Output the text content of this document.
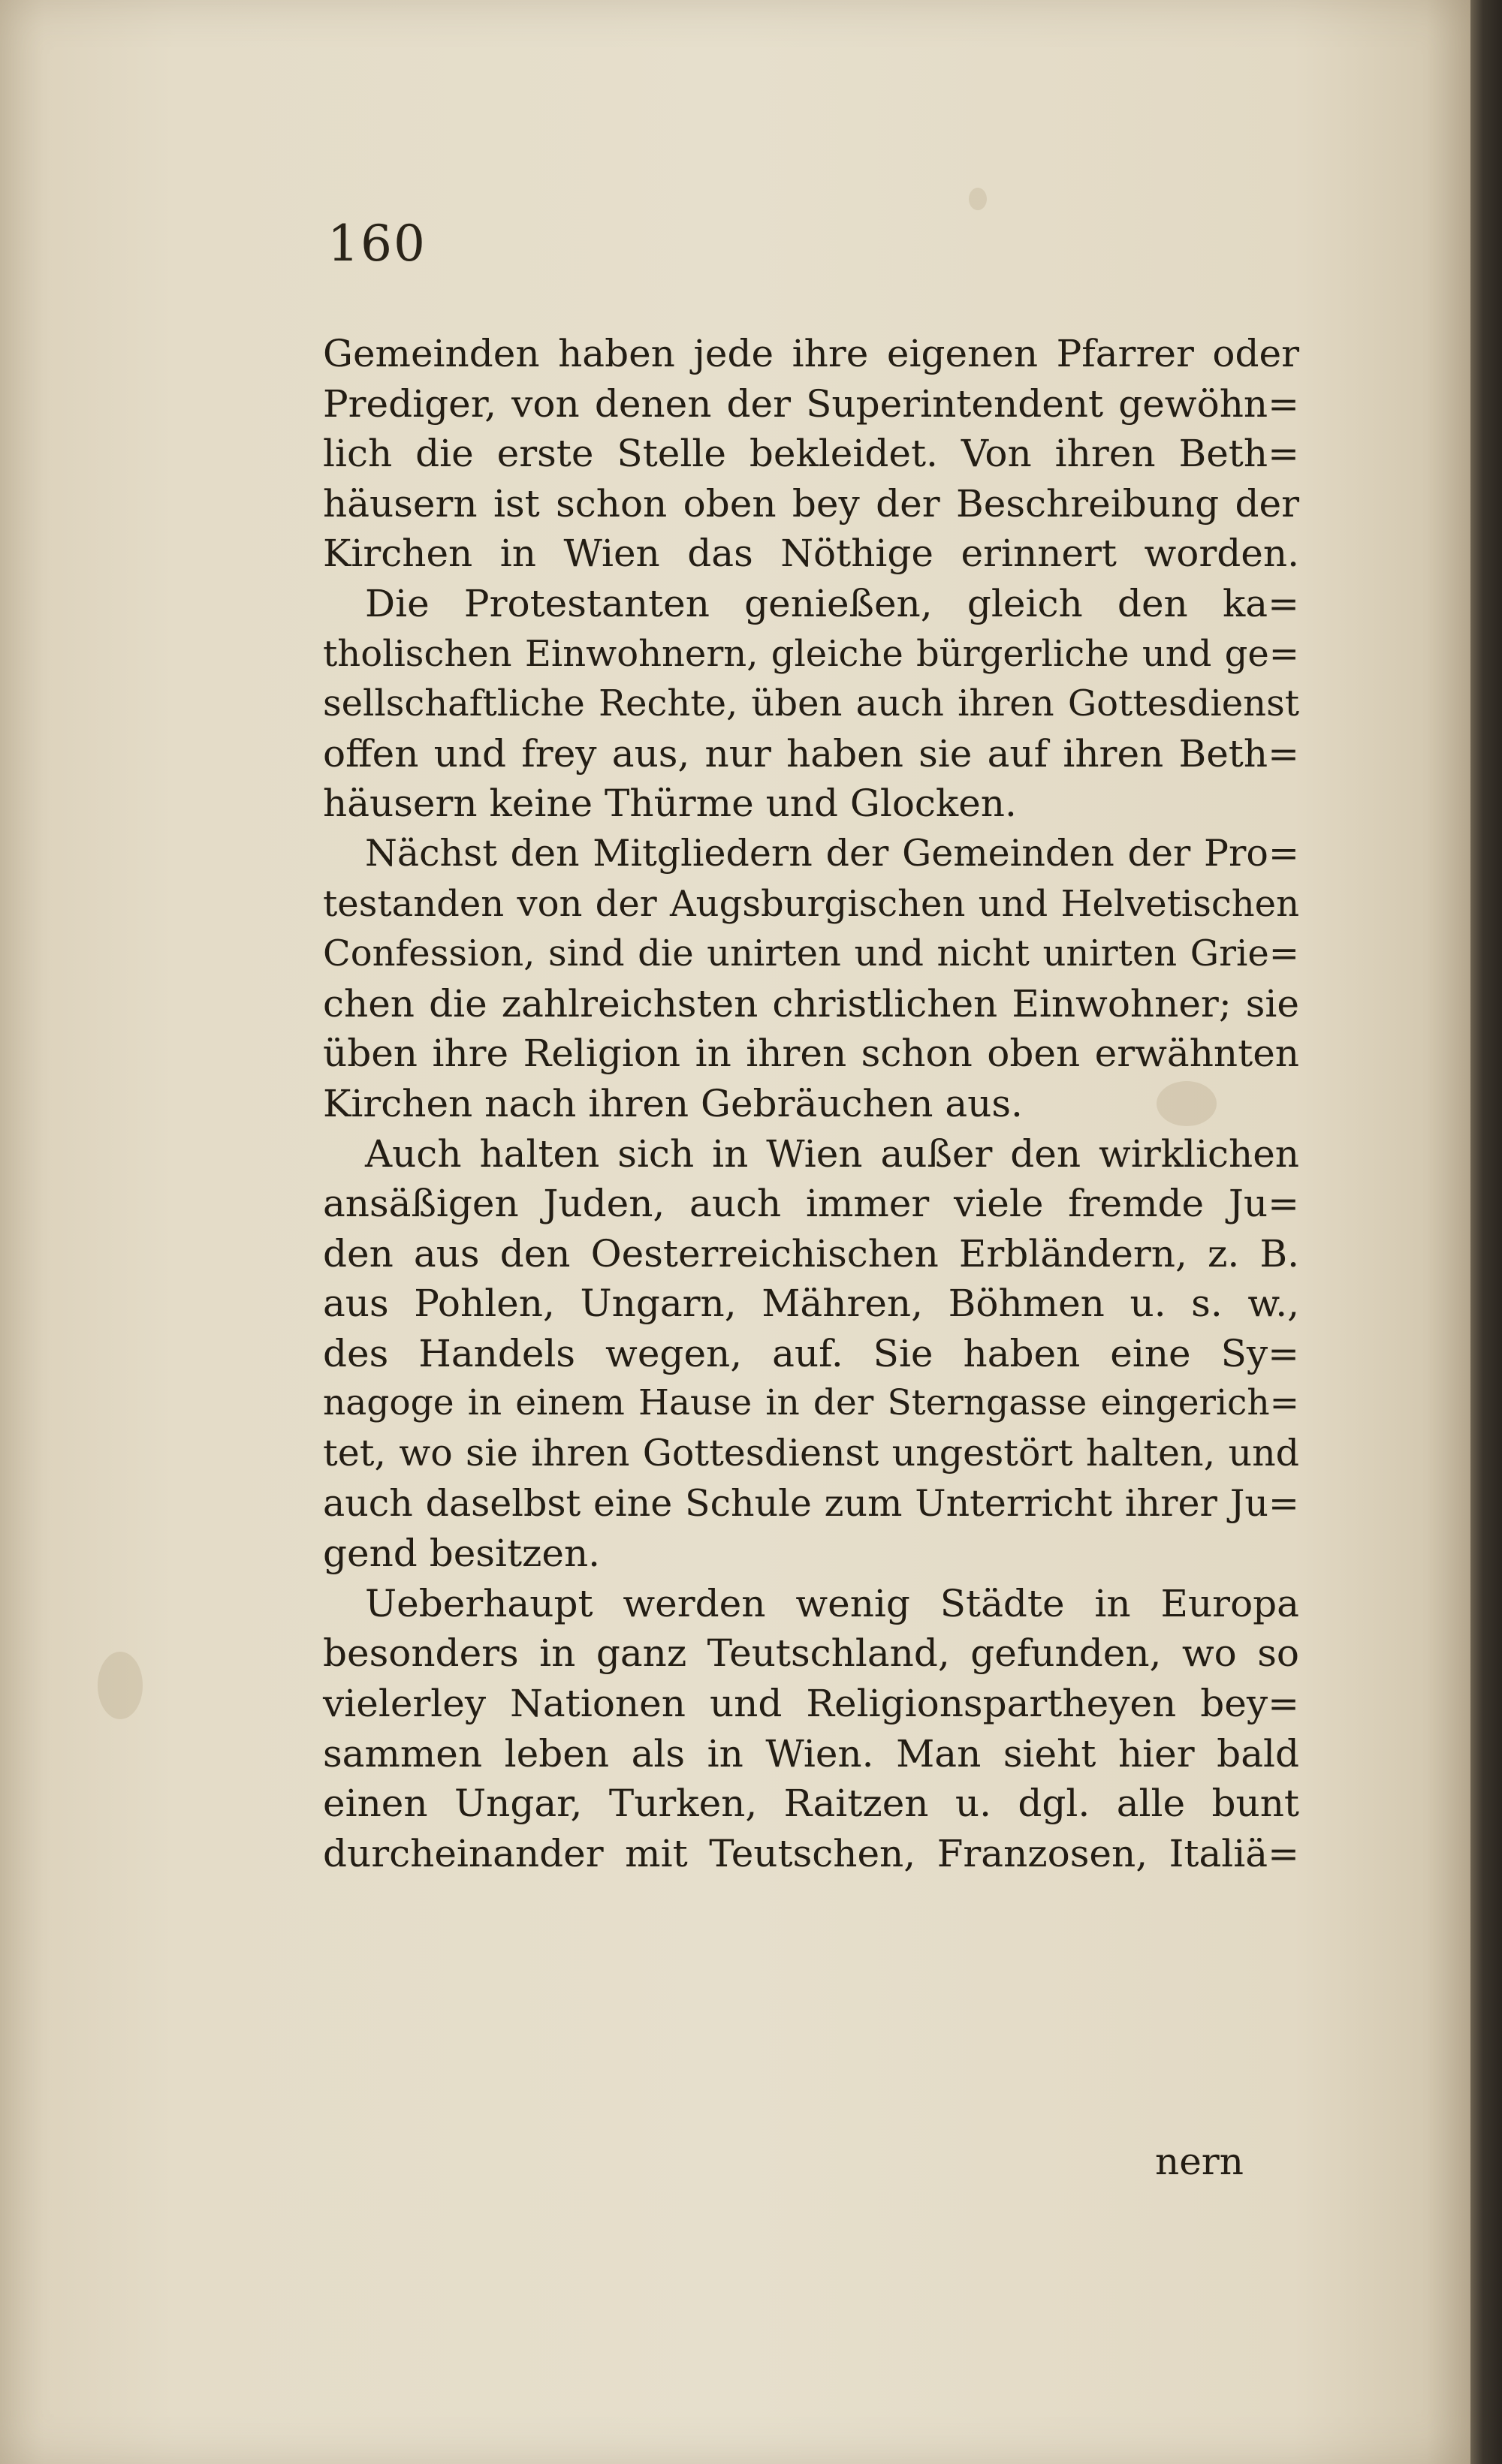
160
Gemeinden haben jede ihre eigenen Pfarrer oder
Prediger, von denen der Superintendent gewöhn=
lich die erste Stelle bekleidet. Von ihren Beth=
häusern ist schon oben bey der Beschreibung der
Kirchen in Wien das Nöthige erinnert worden.
Die Protestanten genießen, gleich den ka=
tholischen Einwohnern, gleiche bürgerliche und ge=
sellschaftliche Rechte, üben auch ihren Gottesdienst
offen und frey aus, nur haben sie auf ihren Beth=
häusern keine Thürme und Glocken.
Nächst den Mitgliedern der Gemeinden der Pro=
testanden von der Augsburgischen und Helvetischen
Confession, sind die unirten und nicht unirten Grie=
chen die zahlreichsten christlichen Einwohner; sie
üben ihre Religion in ihren schon oben erwähnten
Kirchen nach ihren Gebräuchen aus.
Auch halten sich in Wien außer den wirklichen
ansäßigen Juden, auch immer viele fremde Ju=
den aus den Oesterreichischen Erbländern, z. B.
aus Pohlen, Ungarn, Mähren, Böhmen u. s. w.,
des Handels wegen, auf. Sie haben eine Sy=
nagoge in einem Hause in der Sterngasse eingerich=
tet, wo sie ihren Gottesdienst ungestört halten, und
auch daselbst eine Schule zum Unterricht ihrer Ju=
gend besitzen.
Ueberhaupt werden wenig Städte in Europa
besonders in ganz Teutschland, gefunden, wo so
vielerley Nationen und Religionspartheyen bey=
sammen leben als in Wien. Man sieht hier bald
einen Ungar, Turken, Raitzen u. dgl. alle bunt
durcheinander mit Teutschen, Franzosen, Italiä=
nern
